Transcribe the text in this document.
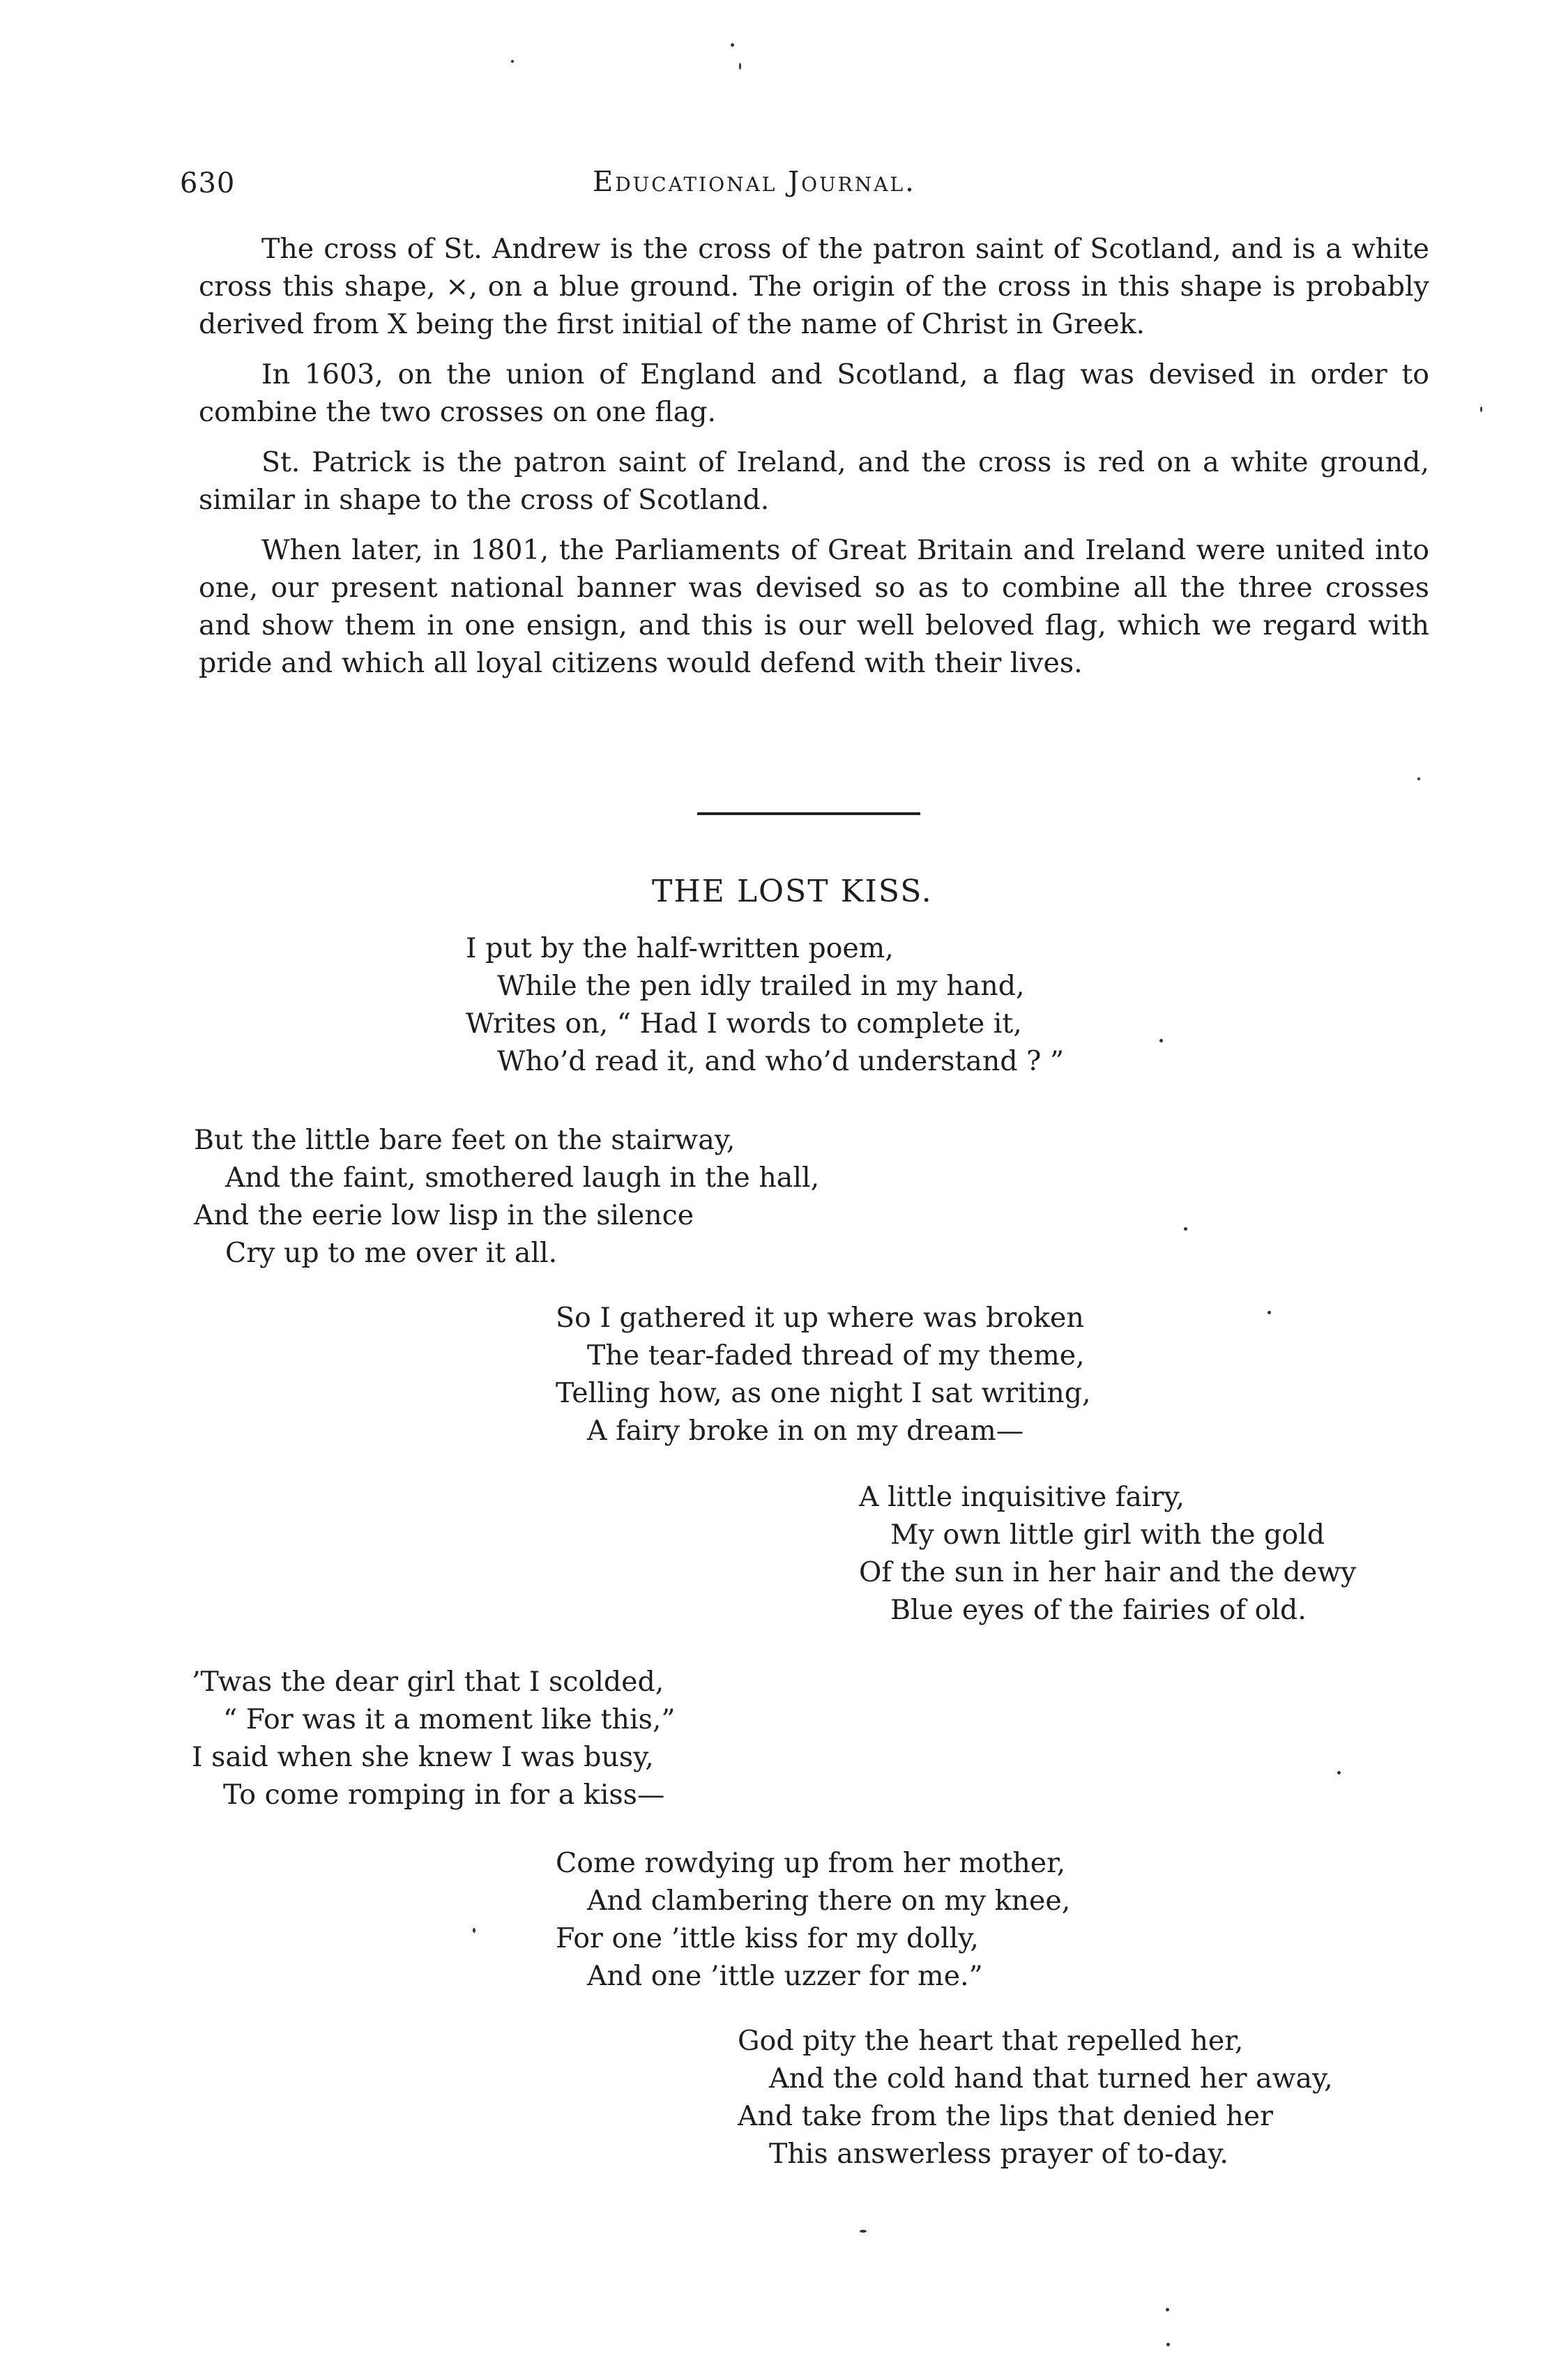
630	Educational Journal.

The cross of St. Andrew is the cross of the patron saint of Scotland, and is a white cross this shape, ×, on a blue ground. The origin of the cross in this shape is probably derived from X being the first initial of the name of Christ in Greek.

In 1603, on the union of England and Scotland, a flag was devised in order to combine the two crosses on one flag.

St. Patrick is the patron saint of Ireland, and the cross is red on a white ground, similar in shape to the cross of Scotland.

When later, in 1801, the Parliaments of Great Britain and Ireland were united into one, our present national banner was devised so as to combine all the three crosses and show them in one ensign, and this is our well beloved flag, which we regard with pride and which all loyal citizens would defend with their lives.

THE LOST KISS.
I put by the half-written poem,
While the pen idly trailed in my hand,
Writes on, “ Had I words to complete it,
Who’d read it, and who’d understand ? ”
But the little bare feet on the stairway,
And the faint, smothered laugh in the hall,
And the eerie low lisp in the silence
Cry up to me over it all.
So I gathered it up where was broken
The tear-faded thread of my theme,
Telling how, as one night I sat writing,
A fairy broke in on my dream—
A little inquisitive fairy,
My own little girl with the gold
Of the sun in her hair and the dewy
Blue eyes of the fairies of old.
’Twas the dear girl that I scolded,
“ For was it a moment like this,”
I said when she knew I was busy,
To come romping in for a kiss—
Come rowdying up from her mother,
And clambering there on my knee,
For one ’ittle kiss for my dolly,
And one ’ittle uzzer for me.”
God pity the heart that repelled her,
And the cold hand that turned her away,
And take from the lips that denied her
This answerless prayer of to-day.
